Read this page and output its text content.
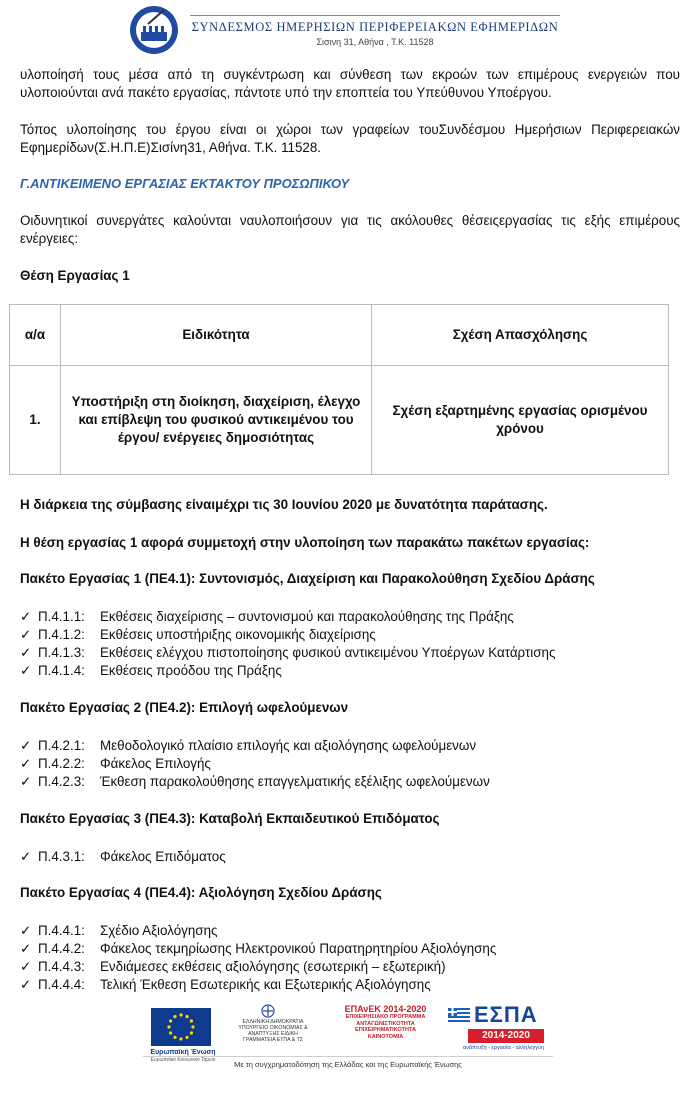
ΣΥΝΔΕΣΜΟΣ ΗΜΕΡΗΣΙΩΝ ΠΕΡΙΦΕΡΕΙΑΚΩΝ ΕΦΗΜΕΡΙΔΩΝ
Σισινη 31, Αθήνα , Τ.Κ. 11528
υλοποίησή τους μέσα από τη συγκέντρωση και σύνθεση των εκροών των επιμέρους ενεργειών που υλοποιούνται ανά πακέτο εργασίας, πάντοτε υπό την εποπτεία του Υπεύθυνου Υποέργου.
Τόπος υλοποίησης του έργου είναι οι χώροι των γραφείων τουΣυνδέσμου Ημερήσιων Περιφερειακών Εφημερίδων(Σ.Η.Π.Ε)Σισίνη31, Αθήνα. Τ.Κ. 11528.
Γ.ΑΝΤΙΚΕΙΜΕΝΟ ΕΡΓΑΣΙΑΣ ΕΚΤΑΚΤΟΥ ΠΡΟΣΩΠΙΚΟΥ
Οιδυνητικοί συνεργάτες καλούνται ναυλοποιήσουν για τις ακόλουθες θέσειςεργασίας τις εξής επιμέρους ενέργειες:
Θέση Εργασίας 1
α/α	Ειδικότητα	Σχέση Απασχόλησης
1.	Υποστήριξη στη διοίκηση, διαχείριση, έλεγχο και επίβλεψη του φυσικού αντικειμένου του έργου/ ενέργειες δημοσιότητας	Σχέση εξαρτημένης εργασίας ορισμένου χρόνου
Η διάρκεια της σύμβασης είναιμέχρι τις 30 Ιουνίου 2020 με δυνατότητα παράτασης.
Η θέση εργασίας 1 αφορά συμμετοχή στην υλοποίηση των παρακάτω πακέτων εργασίας:
Πακέτο Εργασίας 1 (ΠΕ4.1): Συντονισμός, Διαχείριση και Παρακολούθηση Σχεδίου Δράσης
✓ Π.4.1.1: Εκθέσεις διαχείρισης – συντονισμού και παρακολούθησης της Πράξης
✓ Π.4.1.2: Εκθέσεις υποστήριξης οικονομικής διαχείρισης
✓ Π.4.1.3: Εκθέσεις ελέγχου πιστοποίησης φυσικού αντικειμένου Υποέργων Κατάρτισης
✓ Π.4.1.4: Εκθέσεις προόδου της Πράξης
Πακέτο Εργασίας 2 (ΠΕ4.2): Επιλογή ωφελούμενων
✓ Π.4.2.1: Μεθοδολογικό πλαίσιο επιλογής και αξιολόγησης ωφελούμενων
✓ Π.4.2.2: Φάκελος Επιλογής
✓ Π.4.2.3: Έκθεση παρακολούθησης επαγγελματικής εξέλιξης ωφελούμενων
Πακέτο Εργασίας 3 (ΠΕ4.3): Καταβολή Εκπαιδευτικού Επιδόματος
✓ Π.4.3.1: Φάκελος Επιδόματος
Πακέτο Εργασίας 4 (ΠΕ4.4): Αξιολόγηση Σχεδίου Δράσης
✓ Π.4.4.1: Σχέδιο Αξιολόγησης
✓ Π.4.4.2: Φάκελος τεκμηρίωσης Ηλεκτρονικού Παρατηρητηρίου Αξιολόγησης
✓ Π.4.4.3: Ενδιάμεσες εκθέσεις αξιολόγησης (εσωτερική – εξωτερική)
✓ Π.4.4.4: Τελική Έκθεση Εσωτερικής και Εξωτερικής Αξιολόγησης
Ευρωπαϊκή Ένωση
Ευρωπαϊκό Κοινωνικό Ταμείο
ΕΛΛΗΝΙΚΗ ΔΗΜΟΚΡΑΤΙΑ ΥΠΟΥΡΓΕΙΟ ΟΙΚΟΝΟΜΙΑΣ & ΑΝΑΠΤΥΞΗΣ ΕΙΔΙΚΗ ΓΡΑΜΜΑΤΕΙΑ ΕΤΠΑ & ΤΣ
ΕΠΑνΕΚ 2014-2020
ΕΠΙΧΕΙΡΗΣΙΑΚΟ ΠΡΟΓΡΑΜΜΑ ΑΝΤΑΓΩΝΙΣΤΙΚΟΤΗΤΑ ΕΠΙΧΕΙΡΗΜΑΤΙΚΟΤΗΤΑ ΚΑΙΝΟΤΟΜΙΑ
ΕΣΠΑ
2014-2020
ανάπτυξη - εργασία - αλληλεγγύη
Με τη συγχρηματοδότηση της Ελλάδας και της Ευρωπαϊκής Ένωσης
